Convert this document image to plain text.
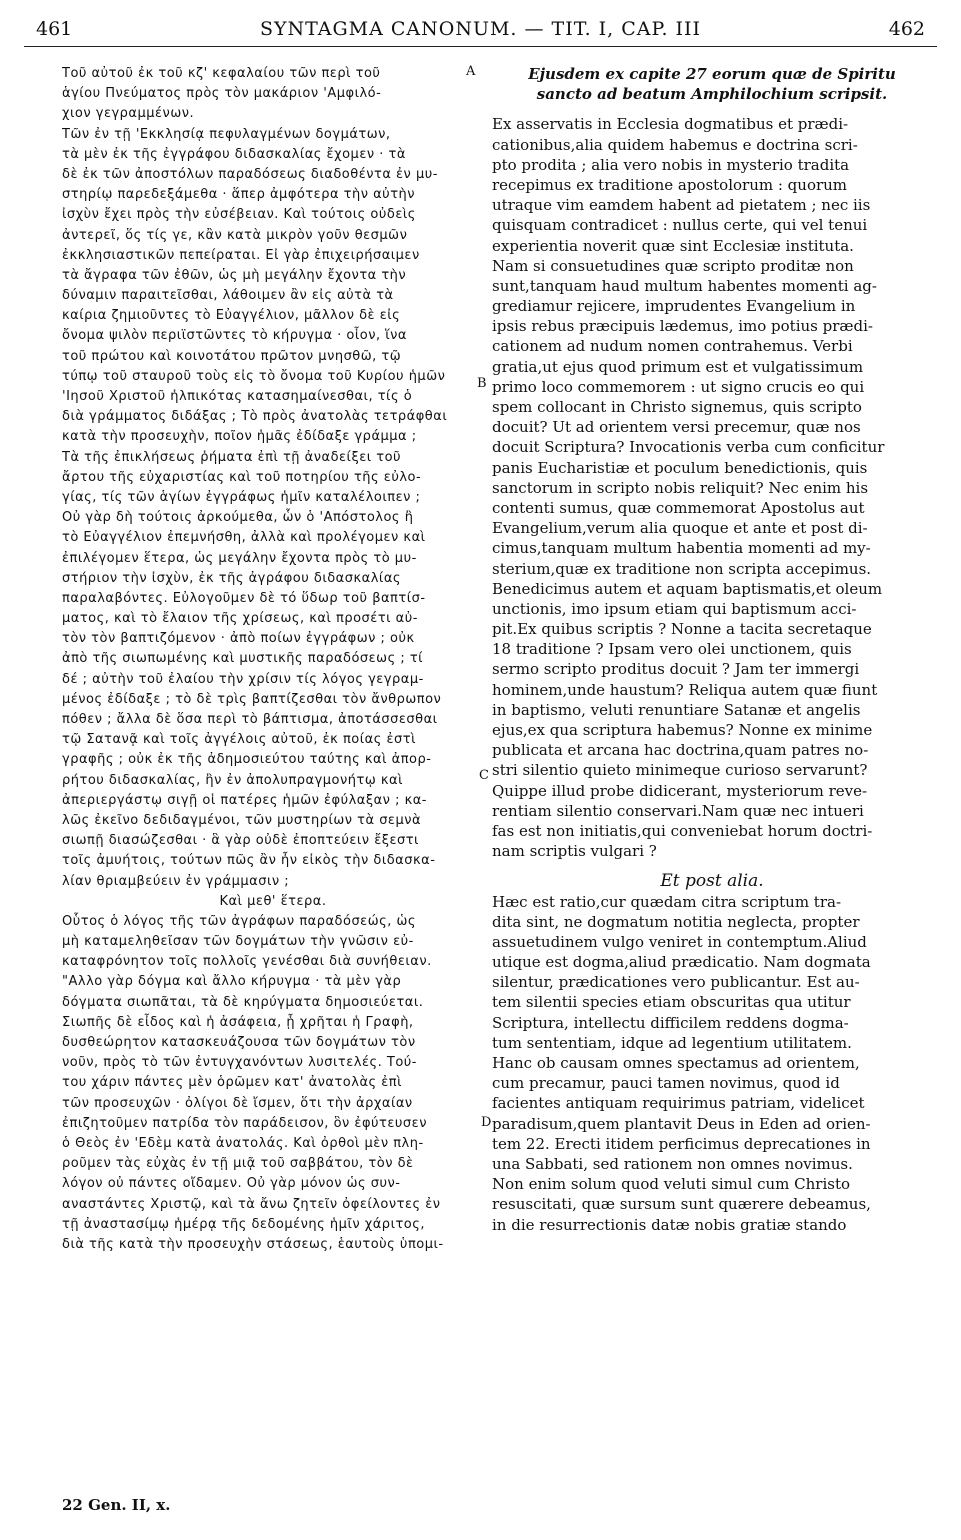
461	SYNTAGMA CANONUM. — TIT. I, CAP. III	462
Τοῦ αὐτοῦ ἐκ τοῦ κζ' κεφαλαίου τῶν περὶ τοῦ
ἁγίου Πνεύματος πρὸς τὸν μακάριον 'Αμφιλό-
χιον γεγραμμένων.
Τῶν ἐν τῇ 'Εκκλησίᾳ πεφυλαγμένων δογμάτων,
τὰ μὲν ἐκ τῆς ἐγγράφου διδασκαλίας ἔχομεν · τὰ
δὲ ἐκ τῶν ἀποστόλων παραδόσεως διαδοθέντα ἐν μυ-
στηρίῳ παρεδεξάμεθα · ἅπερ ἀμφότερα τὴν αὐτὴν
ἰσχὺν ἔχει πρὸς τὴν εὐσέβειαν. Καὶ τούτοις οὐδεὶς
ἀντερεῖ, ὅς τίς γε, κἂν κατὰ μικρὸν γοῦν θεσμῶν
ἐκκλησιαστικῶν πεπείραται. Εἰ γὰρ ἐπιχειρήσαιμεν
τὰ ἄγραφα τῶν ἐθῶν, ὡς μὴ μεγάλην ἔχοντα τὴν
δύναμιν παραιτεῖσθαι, λάθοιμεν ἂν εἰς αὐτὰ τὰ
καίρια ζημιοῦντες τὸ Εὐαγγέλιον, μᾶλλον δὲ εἰς
ὄνομα ψιλὸν περιϊστῶντες τὸ κήρυγμα · οἷον, ἵνα
τοῦ πρώτου καὶ κοινοτάτου πρῶτον μνησθῶ, τῷ
τύπῳ τοῦ σταυροῦ τοὺς εἰς τὸ ὄνομα τοῦ Κυρίου ἡμῶν
'Ιησοῦ Χριστοῦ ἠλπικότας κατασημαίνεσθαι, τίς ὁ
διὰ γράμματος διδάξας ; Τὸ πρὸς ἀνατολὰς τετράφθαι
κατὰ τὴν προσευχὴν, ποῖον ἡμᾶς ἐδίδαξε γράμμα ;
Τὰ τῆς ἐπικλήσεως ῥήματα ἐπὶ τῇ ἀναδείξει τοῦ
ἄρτου τῆς εὐχαριστίας καὶ τοῦ ποτηρίου τῆς εὐλο-
γίας, τίς τῶν ἁγίων ἐγγράφως ἡμῖν καταλέλοιπεν ;
Οὐ γὰρ δὴ τούτοις ἀρκούμεθα, ὧν ὁ 'Απόστολος ἢ
τὸ Εὐαγγέλιον ἐπεμνήσθη, ἀλλὰ καὶ προλέγομεν καὶ
ἐπιλέγομεν ἕτερα, ὡς μεγάλην ἔχοντα πρὸς τὸ μυ-
στήριον τὴν ἰσχὺν, ἐκ τῆς ἀγράφου διδασκαλίας
παραλαβόντες. Εὐλογοῦμεν δὲ τό ὕδωρ τοῦ βαπτίσ-
ματος, καὶ τὸ ἔλαιον τῆς χρίσεως, καὶ προσέτι αὐ-
τὸν τὸν βαπτιζόμενον · ἀπὸ ποίων ἐγγράφων ; οὐκ
ἀπὸ τῆς σιωπωμένης καὶ μυστικῆς παραδόσεως ; τί
δέ ; αὐτὴν τοῦ ἐλαίου τὴν χρίσιν τίς λόγος γεγραμ-
μένος ἐδίδαξε ; τὸ δὲ τρὶς βαπτίζεσθαι τὸν ἄνθρωπον
πόθεν ; ἄλλα δὲ ὅσα περὶ τὸ βάπτισμα, ἀποτάσσεσθαι
τῷ Σατανᾷ καὶ τοῖς ἀγγέλοις αὐτοῦ, ἐκ ποίας ἐστὶ
γραφῆς ; οὐκ ἐκ τῆς ἀδημοσιεύτου ταύτης καὶ ἀπορ-
ρήτου διδασκαλίας, ἣν ἐν ἀπολυπραγμονήτῳ καὶ
ἀπεριεργάστῳ σιγῇ οἱ πατέρες ἡμῶν ἐφύλαξαν ; κα-
λῶς ἐκεῖνο δεδιδαγμένοι, τῶν μυστηρίων τὰ σεμνὰ
σιωπῇ διασώζεσθαι · ἃ γὰρ οὐδὲ ἐποπτεύειν ἔξεστι
τοῖς ἀμυήτοις, τούτων πῶς ἂν ἦν εἰκὸς τὴν διδασκα-
λίαν θριαμβεύειν ἐν γράμμασιν ;
Καὶ μεθ' ἕτερα.
Οὗτος ὁ λόγος τῆς τῶν ἀγράφων παραδόσεώς, ὡς
μὴ καταμεληθεῖσαν τῶν δογμάτων τὴν γνῶσιν εὐ-
καταφρόνητον τοῖς πολλοῖς γενέσθαι διὰ συνήθειαν.
"Αλλο γὰρ δόγμα καὶ ἄλλο κήρυγμα · τὰ μὲν γὰρ
δόγματα σιωπᾶται, τὰ δὲ κηρύγματα δημοσιεύεται.
Σιωπῆς δὲ εἶδος καὶ ἡ ἀσάφεια, ᾗ χρῆται ἡ Γραφὴ,
δυσθεώρητον κατασκευάζουσα τῶν δογμάτων τὸν
νοῦν, πρὸς τὸ τῶν ἐντυγχανόντων λυσιτελές. Τού-
του χάριν πάντες μὲν ὁρῶμεν κατ' ἀνατολὰς ἐπὶ
τῶν προσευχῶν · ὀλίγοι δὲ ἴσμεν, ὅτι τὴν ἀρχαίαν
ἐπιζητοῦμεν πατρίδα τὸν παράδεισον, ὃν ἐφύτευσεν
ὁ Θεὸς ἐν 'Εδὲμ κατὰ ἀνατολάς. Καὶ ὀρθοὶ μὲν πλη-
ροῦμεν τὰς εὐχὰς ἐν τῇ μιᾷ τοῦ σαββάτου, τὸν δὲ
λόγον οὐ πάντες οἴδαμεν. Οὐ γὰρ μόνον ὡς συν-
αναστάντες Χριστῷ, καὶ τὰ ἄνω ζητεῖν ὀφείλοντες ἐν
τῇ ἀναστασίμῳ ἡμέρᾳ τῆς δεδομένης ἡμῖν χάριτος,
διὰ τῆς κατὰ τὴν προσευχὴν στάσεως, ἑαυτοὺς ὑπομι-
Ejusdem ex capite 27 eorum quæ de Spiritu
sancto ad beatum Amphilochium scripsit.
Ex asservatis in Ecclesia dogmatibus et prædi-
cationibus,alia quidem habemus e doctrina scri-
pto prodita ; alia vero nobis in mysterio tradita
recepimus ex traditione apostolorum : quorum
utraque vim eamdem habent ad pietatem ; nec iis
quisquam contradicet : nullus certe, qui vel tenui
experientia noverit quæ sint Ecclesiæ instituta.
Nam si consuetudines quæ scripto proditæ non
sunt,tanquam haud multum habentes momenti ag-
grediamur rejicere, imprudentes Evangelium in
ipsis rebus præcipuis lædemus, imo potius prædi-
cationem ad nudum nomen contrahemus. Verbi
gratia,ut ejus quod primum est et vulgatissimum
primo loco commemorem : ut signo crucis eo qui
spem collocant in Christo signemus, quis scripto
docuit? Ut ad orientem versi precemur, quæ nos
docuit Scriptura? Invocationis verba cum conficitur
panis Eucharistiæ et poculum benedictionis, quis
sanctorum in scripto nobis reliquit? Nec enim his
contenti sumus, quæ commemorat Apostolus aut
Evangelium,verum alia quoque et ante et post di-
cimus,tanquam multum habentia momenti ad my-
sterium,quæ ex traditione non scripta accepimus.
Benedicimus autem et aquam baptismatis,et oleum
unctionis, imo ipsum etiam qui baptismum acci-
pit.Ex quibus scriptis ? Nonne a tacita secretaque
18 traditione ? Ipsam vero olei unctionem, quis
sermo scripto proditus docuit ? Jam ter immergi
hominem,unde haustum? Reliqua autem quæ fiunt
in baptismo, veluti renuntiare Satanæ et angelis
ejus,ex qua scriptura habemus? Nonne ex minime
publicata et arcana hac doctrina,quam patres no-
stri silentio quieto minimeque curioso servarunt?
Quippe illud probe didicerant, mysteriorum reve-
rentiam silentio conservari.Nam quæ nec intueri
fas est non initiatis,qui conveniebat horum doctri-
nam scriptis vulgari ?
Et post alia.
Hæc est ratio,cur quædam citra scriptum tra-
dita sint, ne dogmatum notitia neglecta, propter
assuetudinem vulgo veniret in contemptum.Aliud
utique est dogma,aliud prædicatio. Nam dogmata
silentur, prædicationes vero publicantur. Est au-
tem silentii species etiam obscuritas qua utitur
Scriptura, intellectu difficilem reddens dogma-
tum sententiam, idque ad legentium utilitatem.
Hanc ob causam omnes spectamus ad orientem,
cum precamur, pauci tamen novimus, quod id
facientes antiquam requirimus patriam, videlicet
paradisum,quem plantavit Deus in Eden ad orien-
tem 22. Erecti itidem perficimus deprecationes in
una Sabbati, sed rationem non omnes novimus.
Non enim solum quod veluti simul cum Christo
resuscitati, quæ sursum sunt quærere debeamus,
in die resurrectionis datæ nobis gratiæ stando
A
B
C
D
22 Gen. II, x.
